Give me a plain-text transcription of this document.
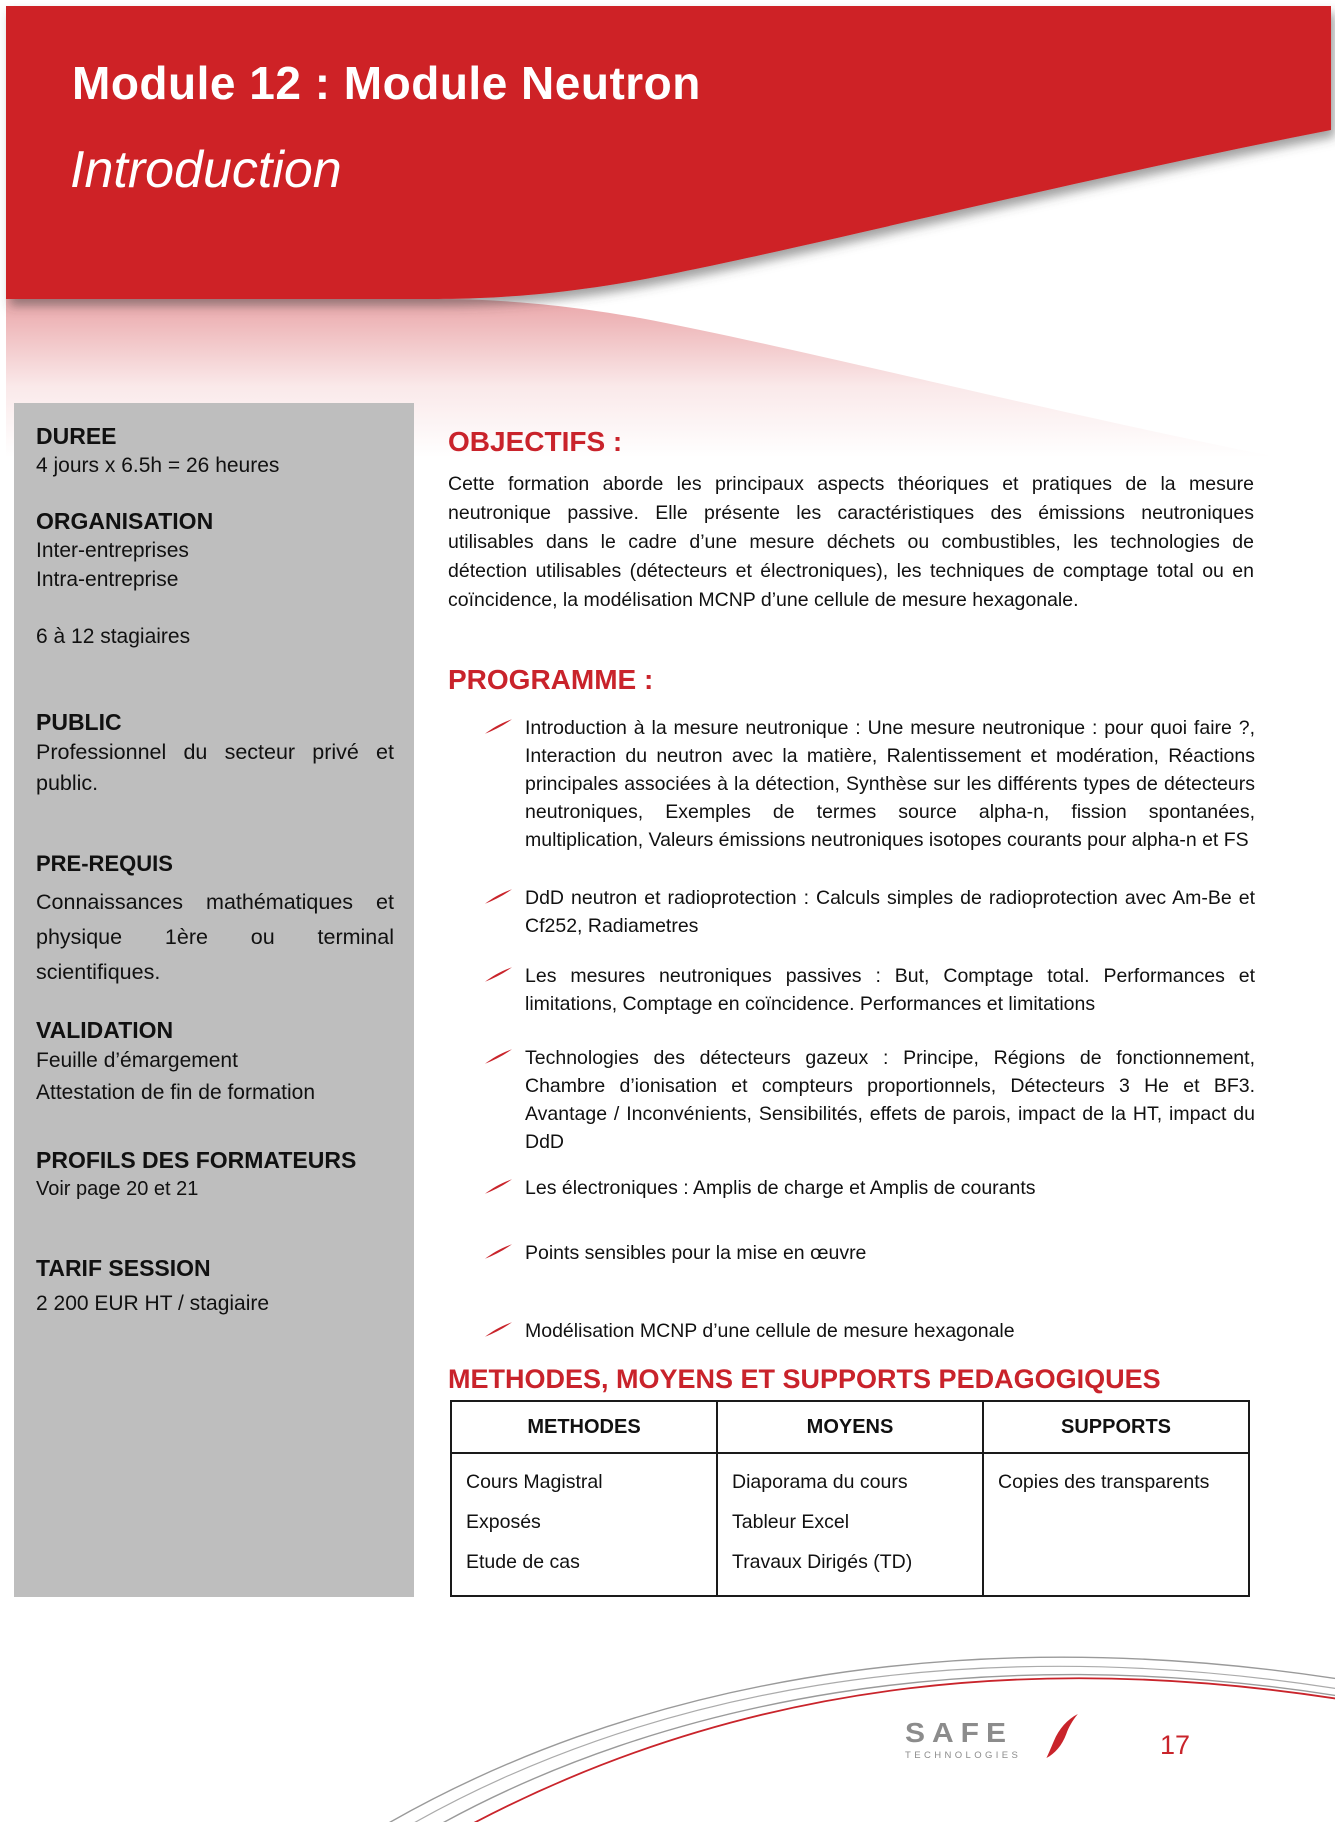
Module 12 : Module Neutron
Introduction
DUREE
4 jours x 6.5h = 26 heures
ORGANISATION
Inter-entreprises
Intra-entreprise
6 à 12 stagiaires
PUBLIC
Professionnel du secteur privé et public.
PRE-REQUIS
Connaissances mathématiques et physique 1ère ou terminal scientifiques.
VALIDATION
Feuille d’émargement
Attestation de fin de formation
PROFILS DES FORMATEURS
Voir page 20 et 21
TARIF SESSION
2 200 EUR HT / stagiaire
OBJECTIFS :
Cette formation aborde les principaux aspects théoriques et pratiques de la mesure neutronique passive. Elle présente les caractéristiques des émissions neutroniques utilisables dans le cadre d’une mesure déchets ou combustibles, les technologies de détection utilisables (détecteurs et électroniques), les techniques de comptage total ou en coïncidence, la modélisation MCNP d’une cellule de mesure hexagonale.
PROGRAMME :
Introduction à la mesure neutronique : Une mesure neutronique : pour quoi faire ?, Interaction du neutron avec la matière, Ralentissement et modération, Réactions principales associées à la détection, Synthèse sur les différents types de détecteurs neutroniques, Exemples de termes source alpha-n, fission spontanées, multiplication, Valeurs émissions neutroniques isotopes courants pour alpha-n et FS
DdD neutron et radioprotection : Calculs simples de radioprotection avec Am-Be et Cf252, Radiametres
Les mesures neutroniques passives : But, Comptage total. Performances et limitations, Comptage en coïncidence. Performances et limitations
Technologies des détecteurs gazeux : Principe, Régions de fonctionnement, Chambre d’ionisation et compteurs proportionnels, Détecteurs 3 He et BF3. Avantage / Inconvénients, Sensibilités, effets de parois, impact de la HT, impact du DdD
Les électroniques : Amplis de charge et Amplis de courants
Points sensibles pour la mise en œuvre
Modélisation MCNP d’une cellule de mesure hexagonale
METHODES, MOYENS ET SUPPORTS PEDAGOGIQUES
METHODES
Cours Magistral
Exposés
Etude de cas
MOYENS
Diaporama du cours
Tableur Excel
Travaux Dirigés (TD)
SUPPORTS
Copies des transparents
SAFE
TECHNOLOGIES	17
